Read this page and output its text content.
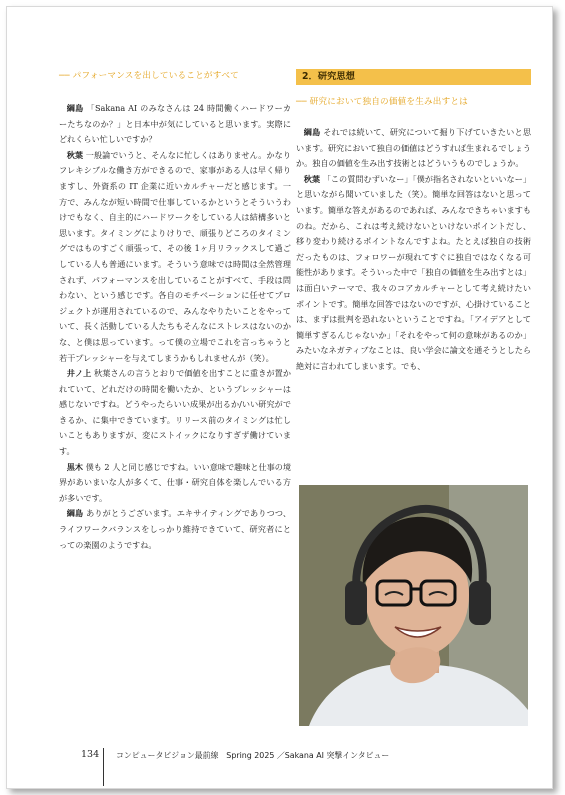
── パフォーマンスを出していることがすべて

綱島 「Sakana AI のみなさんは 24 時間働くハードワーカーたちなのか？」と日本中が気にしていると思います。実際にどれくらい忙しいですか？

秋葉 一般論でいうと、そんなに忙しくはありません。かなりフレキシブルな働き方ができるので、家事がある人は早く帰りますし、外資系の IT 企業に近いカルチャーだと感じます。一方で、みんなが短い時間で仕事しているかというとそういうわけでもなく、自主的にハードワークをしている人は結構多いと思います。タイミングによりけりで、頑張りどころのタイミングではものすごく頑張って、その後 1ヶ月リラックスして過ごしている人も普通にいます。そういう意味では時間は全然管理されず、パフォーマンスを出していることがすべて、手段は問わない、という感じです。各自のモチベーションに任せてプロジェクトが運用されているので、みんなやりたいことをやっていて、長く活動している人たちもそんなにストレスはないのかな、と僕は思っています。って僕の立場でこれを言っちゃうと若干プレッシャーを与えてしまうかもしれませんが（笑）。

井ノ上 秋葉さんの言うとおりで価値を出すことに重きが置かれていて、どれだけの時間を働いたか、というプレッシャーは感じないですね。どうやったらいい成果が出るか/いい研究ができるか、に集中できています。リリース前のタイミングは忙しいこともありますが、変にストイックになりすぎず働けています。

黒木 僕も 2 人と同じ感じですね。いい意味で趣味と仕事の境界があいまいな人が多くて、仕事・研究自体を楽しんでいる方が多いです。

綱島 ありがとうございます。エキサイティングでありつつ、ライフワークバランスをしっかり維持できていて、研究者にとっての楽園のようですね。

2．研究思想

── 研究において独自の価値を生み出すとは

綱島 それでは続いて、研究について掘り下げていきたいと思います。研究において独自の価値はどうすれば生まれるでしょうか。独自の価値を生み出す技術とはどういうものでしょうか。

秋葉 「この質問むずいなー」「僕が指名されないといいなー」と思いながら聞いていました（笑）。簡単な回答はないと思っています。簡単な答えがあるのであれば、みんなできちゃいますものね。だから、これは考え続けないといけないポイントだし、移り変わり続けるポイントなんですよね。たとえば独自の技術だったものは、フォロワーが現れてすぐに独自ではなくなる可能性があります。そういった中で「独自の価値を生み出すとは」は面白いテーマで、我々のコアカルチャーとして考え続けたいポイントです。簡単な回答ではないのですが、心掛けていることは、まずは批判を恐れないということですね。「アイデアとして簡単すぎるんじゃないか」「それをやって何の意味があるのか」みたいなネガティブなことは、良い学会に論文を通そうとしたら絶対に言われてしまいます。でも、

134 コンピュータビジョン最前線　Spring 2025 ／Sakana AI 突撃インタビュー
